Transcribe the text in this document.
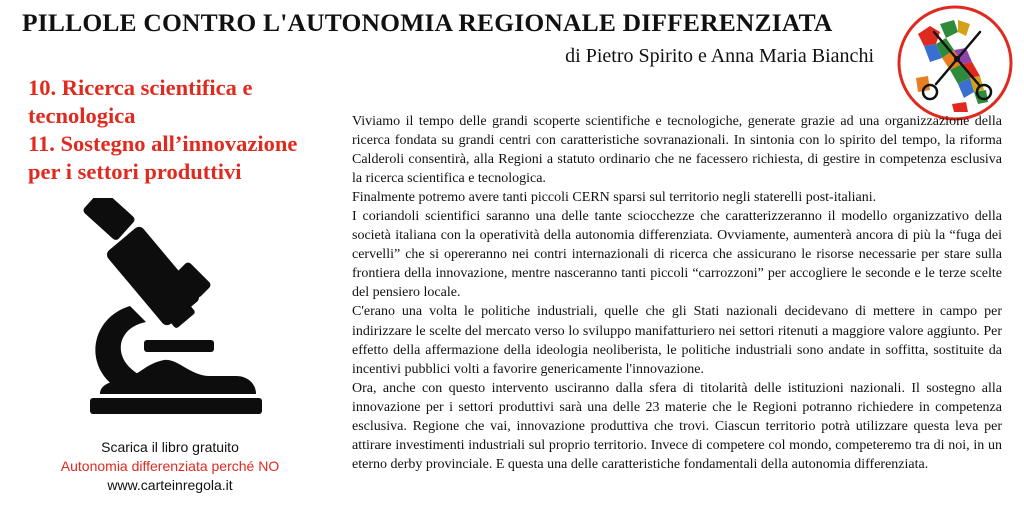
PILLOLE CONTRO L'AUTONOMIA REGIONALE DIFFERENZIATA
di Pietro Spirito e Anna Maria Bianchi
10. Ricerca scientifica e
tecnologica
11. Sostegno all’innovazione
per i settori produttivi
Scarica il libro gratuito
Autonomia differenziata perché NO
www.carteinregola.it

Viviamo il tempo delle grandi scoperte scientifiche e tecnologiche, generate grazie ad una organizzazione della ricerca fondata su grandi centri con caratteristiche sovranazionali. In sintonia con lo spirito del tempo, la riforma Calderoli consentirà, alla Regioni a statuto ordinario che ne facessero richiesta, di gestire in competenza esclusiva la ricerca scientifica e tecnologica.

Finalmente potremo avere tanti piccoli CERN sparsi sul territorio negli staterelli post-italiani.

I coriandoli scientifici saranno una delle tante sciocchezze che caratterizzeranno il modello organizzativo della società italiana con la operatività della autonomia differenziata. Ovviamente, aumenterà ancora di più la “fuga dei cervelli” che si opereranno nei contri internazionali di ricerca che assicurano le risorse necessarie per stare sulla frontiera della innovazione, mentre nasceranno tanti piccoli “carrozzoni” per accogliere le seconde e le terze scelte del pensiero locale.

C'erano una volta le politiche industriali, quelle che gli Stati nazionali decidevano di mettere in campo per indirizzare le scelte del mercato verso lo sviluppo manifatturiero nei settori ritenuti a maggiore valore aggiunto. Per effetto della affermazione della ideologia neoliberista, le politiche industriali sono andate in soffitta, sostituite da incentivi pubblici volti a favorire genericamente l'innovazione.

Ora, anche con questo intervento usciranno dalla sfera di titolarità delle istituzioni nazionali. Il sostegno alla innovazione per i settori produttivi sarà una delle 23 materie che le Regioni potranno richiedere in competenza esclusiva. Regione che vai, innovazione produttiva che trovi. Ciascun territorio potrà utilizzare questa leva per attirare investimenti industriali sul proprio territorio. Invece di competere col mondo, competeremo tra di noi, in un eterno derby provinciale. E questa una delle caratteristiche fondamentali della autonomia differenziata.
